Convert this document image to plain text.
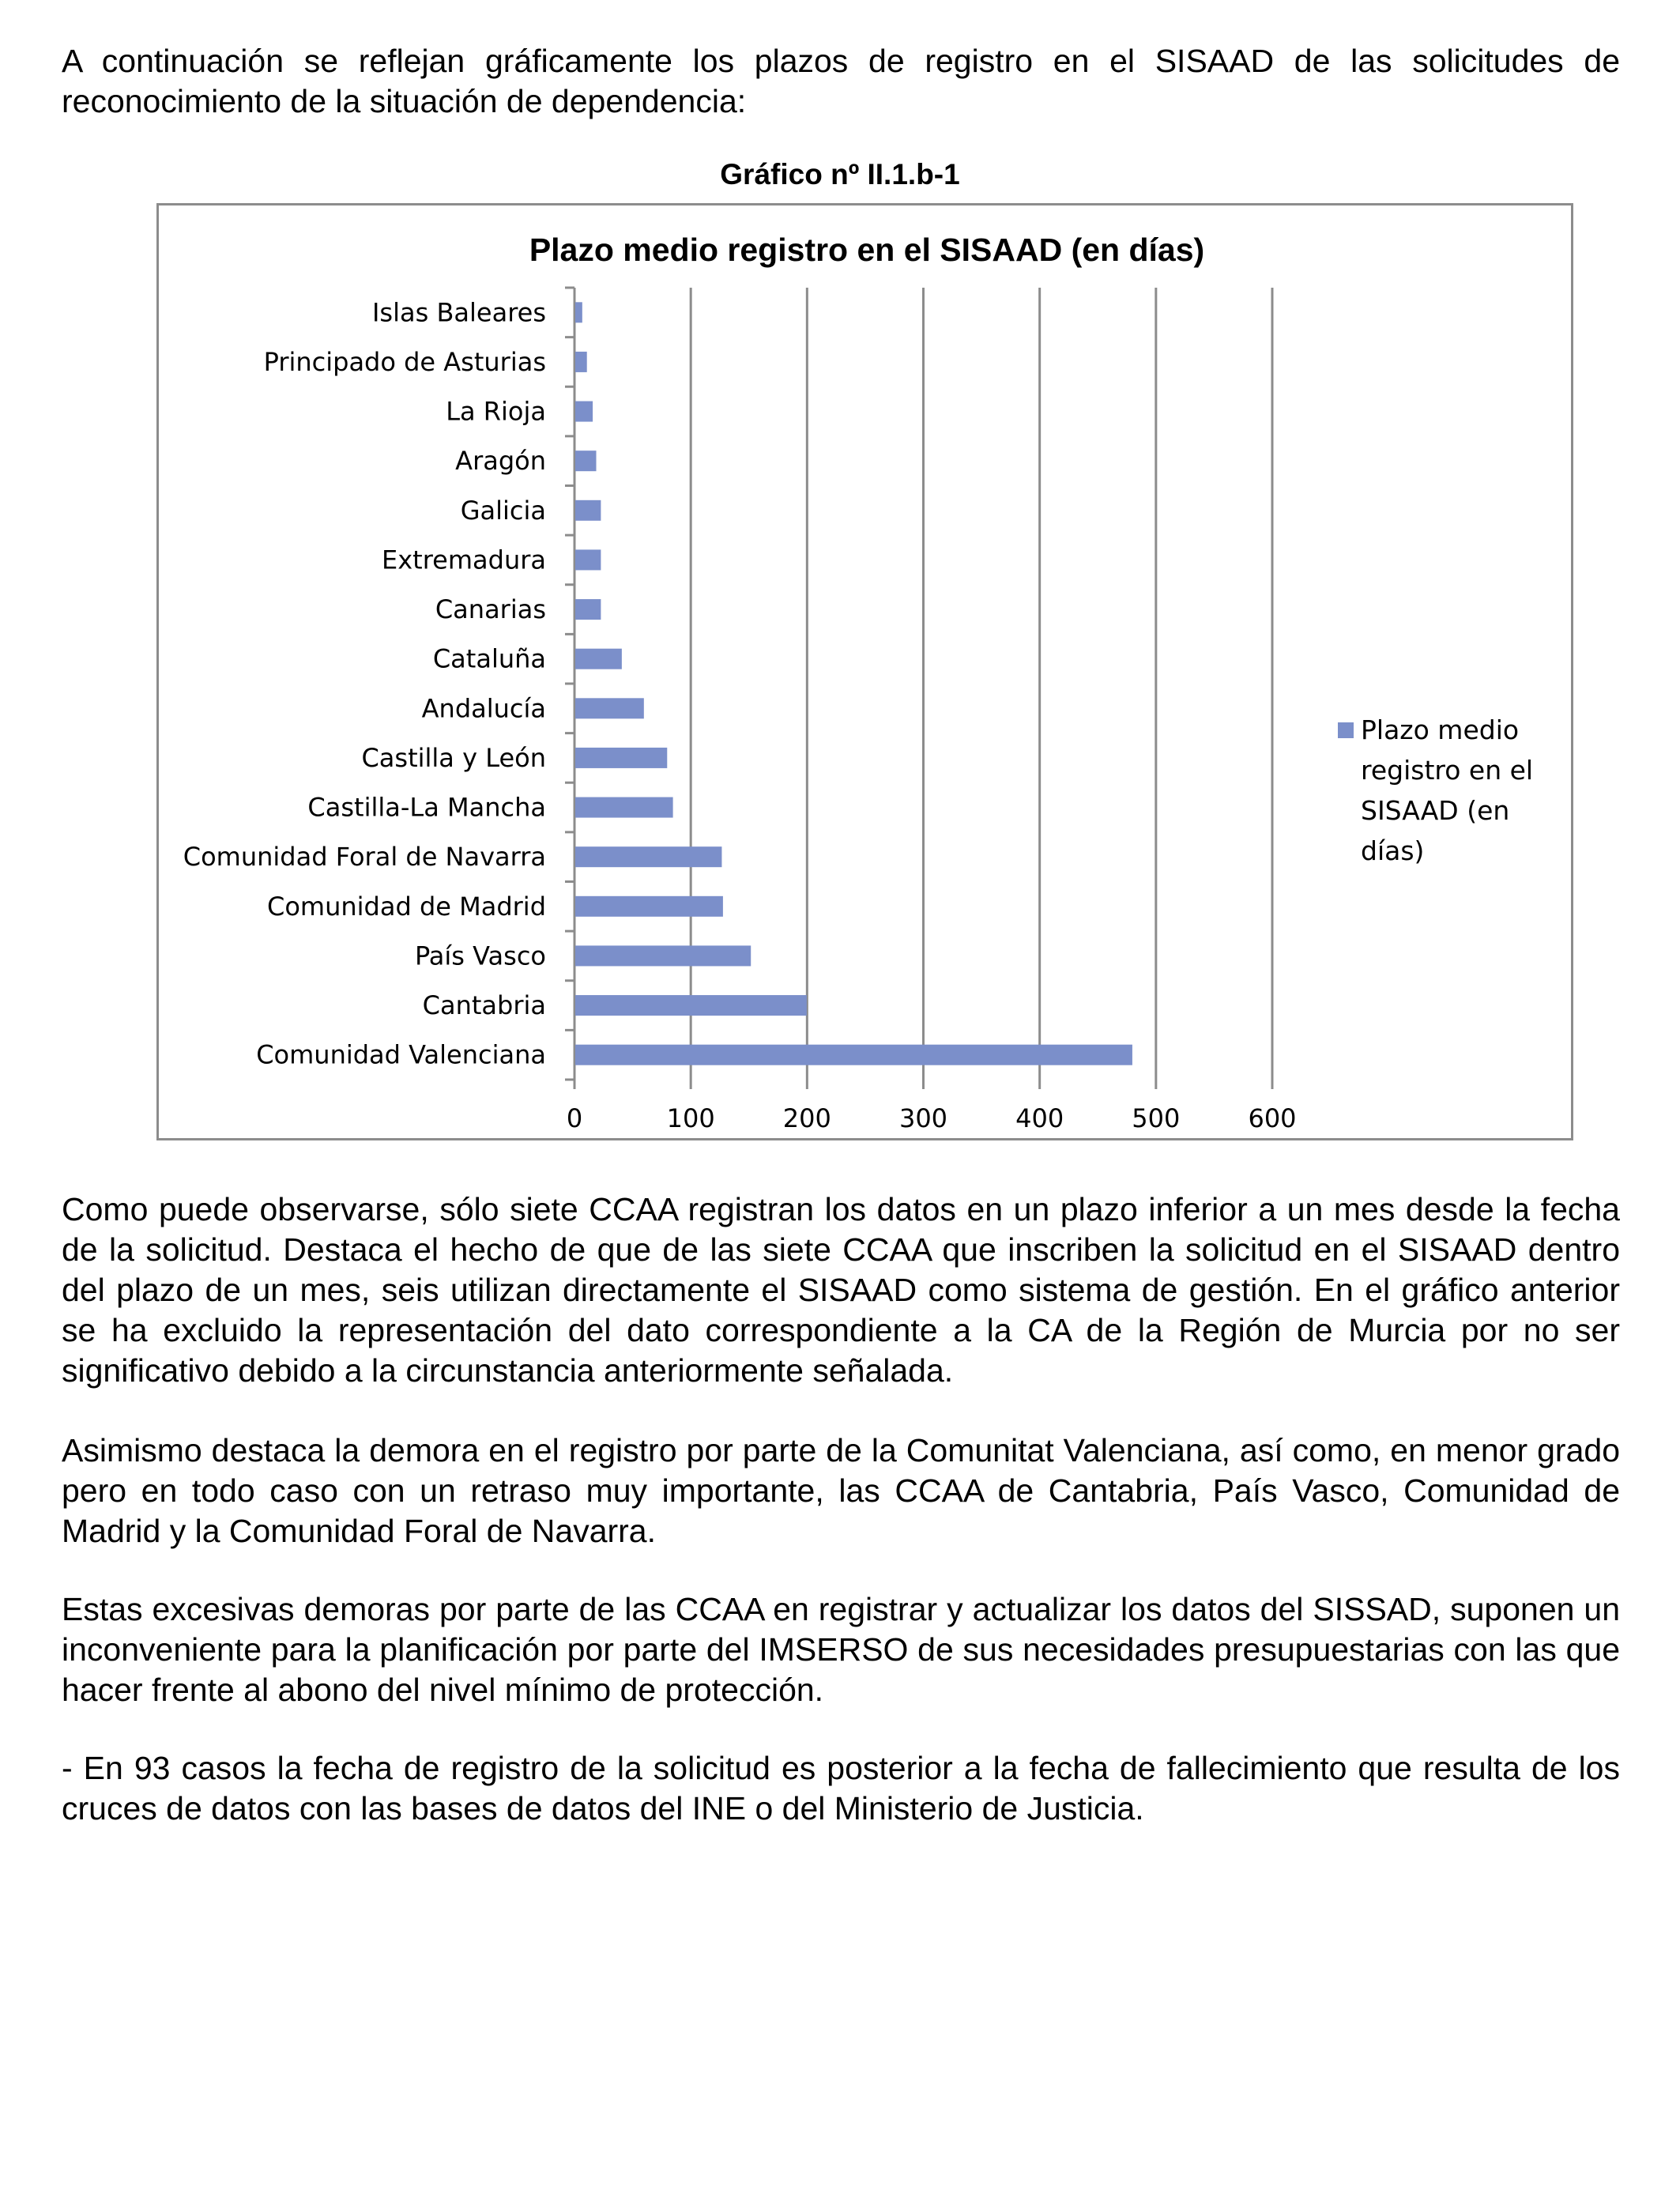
A continuación se reflejan gráficamente los plazos de registro en el SISAAD de las solicitudes de reconocimiento de la situación de dependencia:

Gráfico nº II.1.b-1
Plazo medio registro en el SISAAD (en días)
0	100	200	300	400	500	600
Islas Baleares
Principado de Asturias
La Rioja
Aragón
Galicia
Extremadura
Canarias
Cataluña
Andalucía
Castilla y León
Castilla-La Mancha
Comunidad Foral de Navarra
Comunidad de Madrid
País Vasco
Cantabria
Comunidad Valenciana
Plazo medio
registro en el
SISAAD (en
días)

Como puede observarse, sólo siete CCAA registran los datos en un plazo inferior a un mes desde la fecha de la solicitud. Destaca el hecho de que de las siete CCAA que inscriben la solicitud en el SISAAD dentro del plazo de un mes, seis utilizan directamente el SISAAD como sistema de gestión. En el gráfico anterior se ha excluido la representación del dato correspondiente a la CA de la Región de Murcia por no ser significativo debido a la circunstancia anteriormente señalada.

Asimismo destaca la demora en el registro por parte de la Comunitat Valenciana, así como, en menor grado pero en todo caso con un retraso muy importante, las CCAA de Cantabria, País Vasco, Comunidad de Madrid y la Comunidad Foral de Navarra.

Estas excesivas demoras por parte de las CCAA en registrar y actualizar los datos del SISSAD, suponen un inconveniente para la planificación por parte del IMSERSO de sus necesidades presupuestarias con las que hacer frente al abono del nivel mínimo de protección.

- En 93 casos la fecha de registro de la solicitud es posterior a la fecha de fallecimiento que resulta de los cruces de datos con las bases de datos del INE o del Ministerio de Justicia.
